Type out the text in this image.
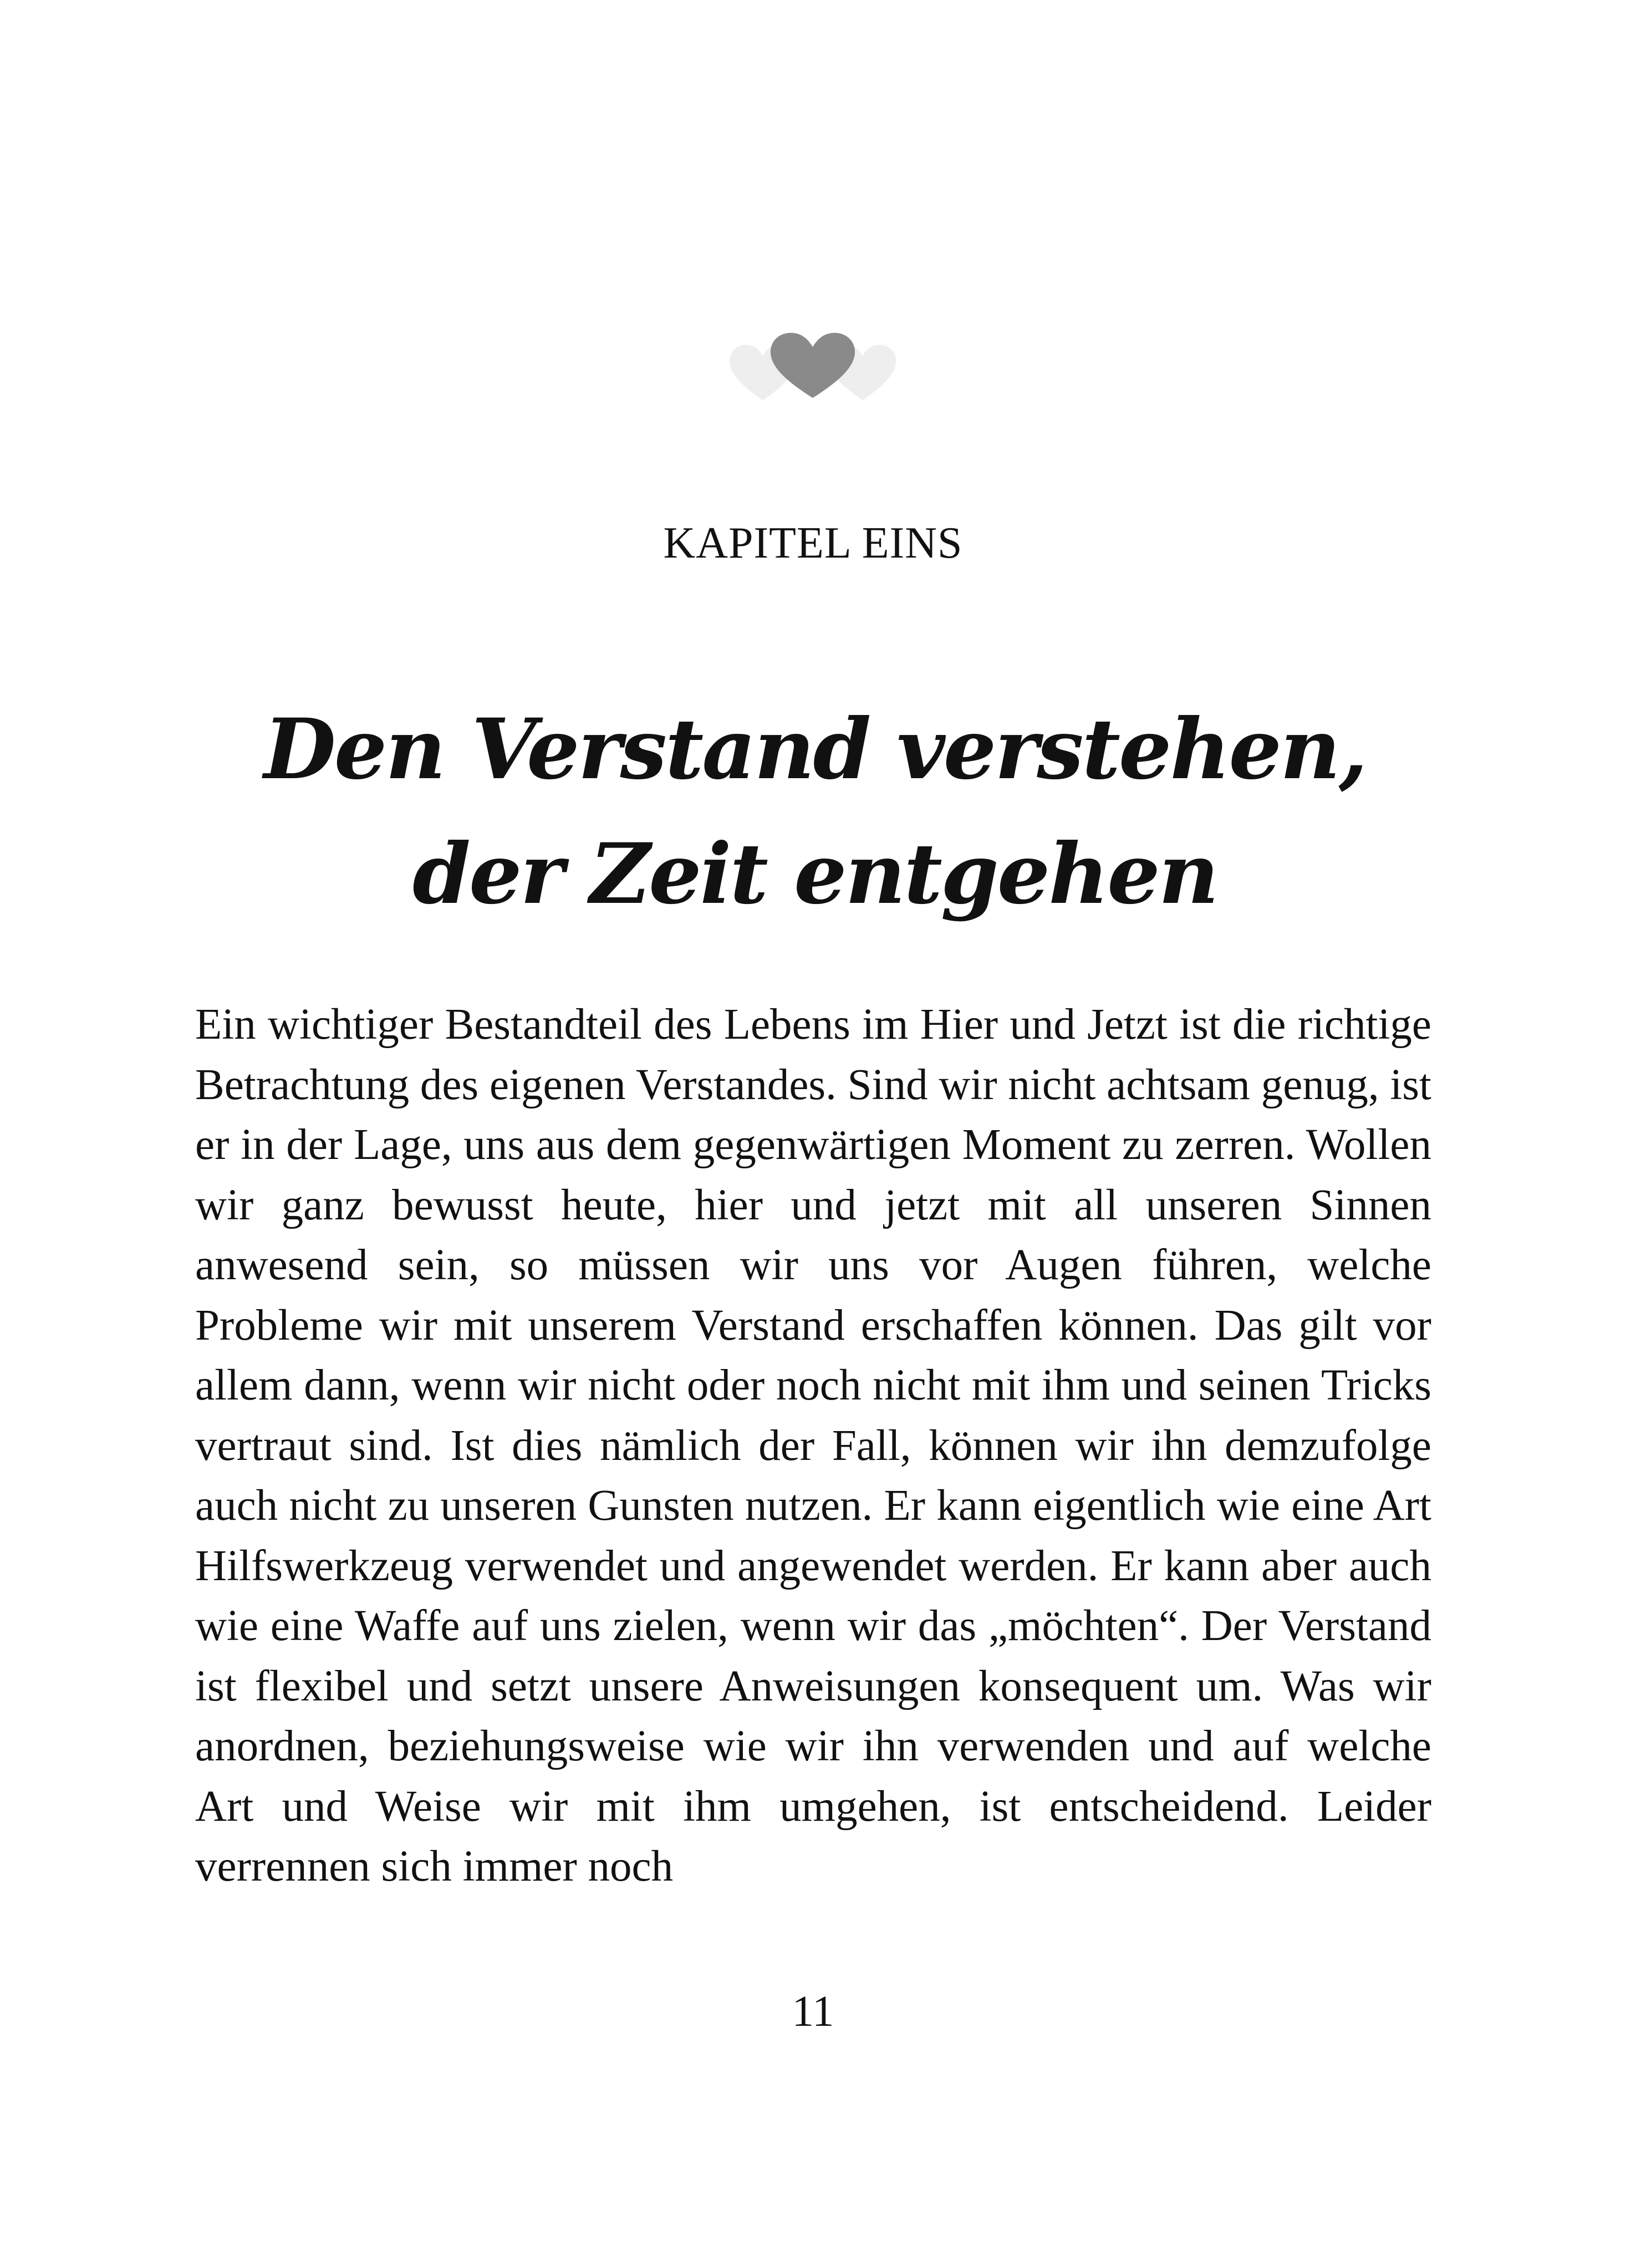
KAPITEL EINS
Den Verstand verstehen, der Zeit entgehen

Ein wichtiger Bestandteil des Lebens im Hier und Jetzt ist die richtige Betrachtung des eigenen Verstandes. Sind wir nicht achtsam genug, ist er in der Lage, uns aus dem gegenwärtigen Moment zu zerren. Wollen wir ganz bewusst heute, hier und jetzt mit all unseren Sinnen anwesend sein, so müssen wir uns vor Augen führen, welche Probleme wir mit unserem Verstand erschaffen können. Das gilt vor allem dann, wenn wir nicht oder noch nicht mit ihm und seinen Tricks vertraut sind. Ist dies nämlich der Fall, können wir ihn demzufolge auch nicht zu unseren Gunsten nutzen. Er kann eigentlich wie eine Art Hilfswerkzeug verwendet und angewendet werden. Er kann aber auch wie eine Waffe auf uns zielen, wenn wir das „möchten“. Der Verstand ist flexibel und setzt unsere Anweisungen konsequent um. Was wir anordnen, beziehungsweise wie wir ihn verwenden und auf welche Art und Weise wir mit ihm umgehen, ist entscheidend. Leider verrennen sich immer noch

11
